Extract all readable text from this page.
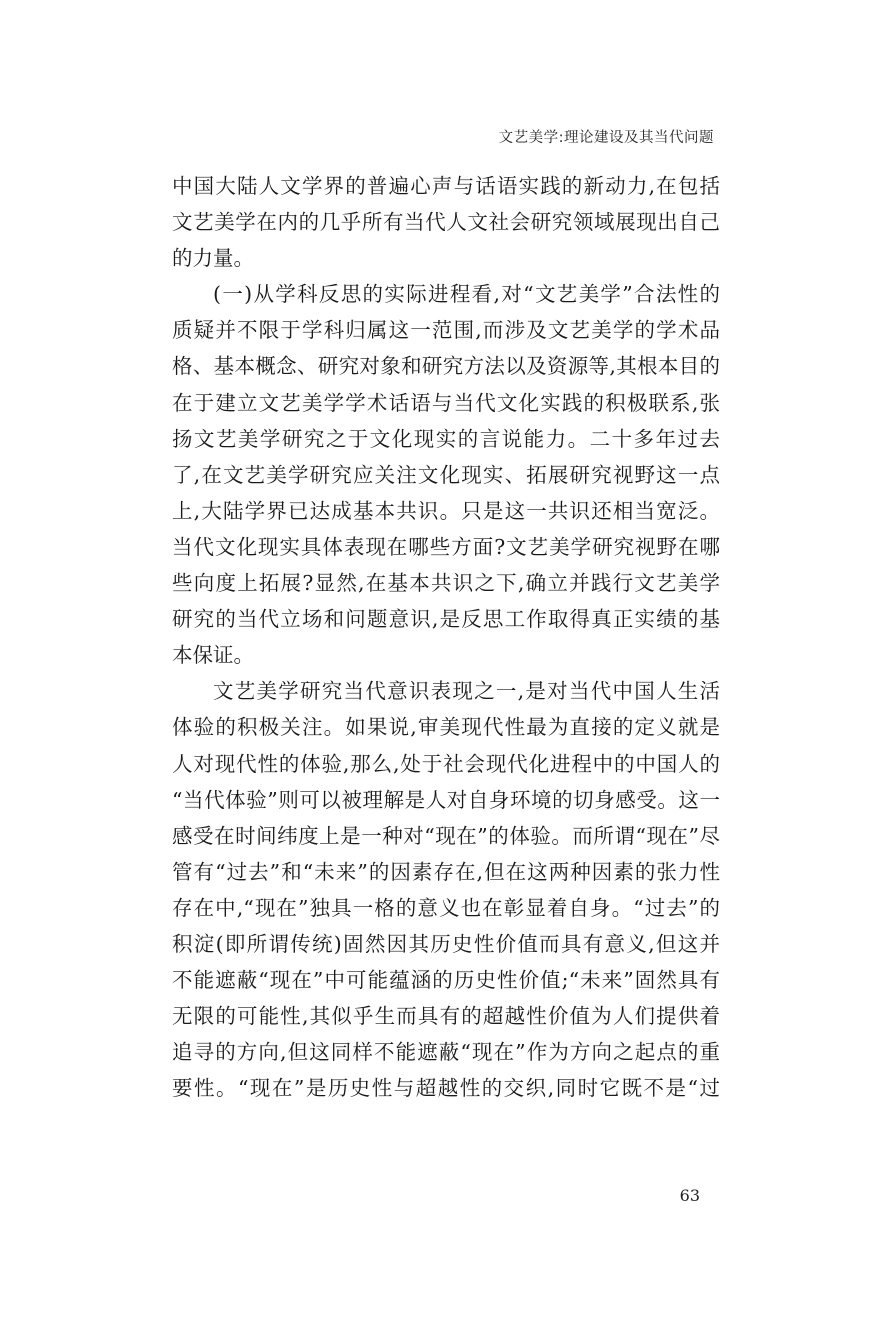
文艺美学:理论建设及其当代问题
中国大陆人文学界的普遍心声与话语实践的新动力,在包括
文艺美学在内的几乎所有当代人文社会研究领域展现出自己
的力量。
(一)从学科反思的实际进程看,对“文艺美学”合法性的
质疑并不限于学科归属这一范围,而涉及文艺美学的学术品
格、基本概念、研究对象和研究方法以及资源等,其根本目的
在于建立文艺美学学术话语与当代文化实践的积极联系,张
扬文艺美学研究之于文化现实的言说能力。二十多年过去
了,在文艺美学研究应关注文化现实、拓展研究视野这一点
上,大陆学界已达成基本共识。只是这一共识还相当宽泛。
当代文化现实具体表现在哪些方面?文艺美学研究视野在哪
些向度上拓展?显然,在基本共识之下,确立并践行文艺美学
研究的当代立场和问题意识,是反思工作取得真正实绩的基
本保证。
文艺美学研究当代意识表现之一,是对当代中国人生活
体验的积极关注。如果说,审美现代性最为直接的定义就是
人对现代性的体验,那么,处于社会现代化进程中的中国人的
“当代体验”则可以被理解是人对自身环境的切身感受。这一
感受在时间纬度上是一种对“现在”的体验。而所谓“现在”尽
管有“过去”和“未来”的因素存在,但在这两种因素的张力性
存在中,“现在”独具一格的意义也在彰显着自身。“过去”的
积淀(即所谓传统)固然因其历史性价值而具有意义,但这并
不能遮蔽“现在”中可能蕴涵的历史性价值;“未来”固然具有
无限的可能性,其似乎生而具有的超越性价值为人们提供着
追寻的方向,但这同样不能遮蔽“现在”作为方向之起点的重
要性。“现在”是历史性与超越性的交织,同时它既不是“过
63
